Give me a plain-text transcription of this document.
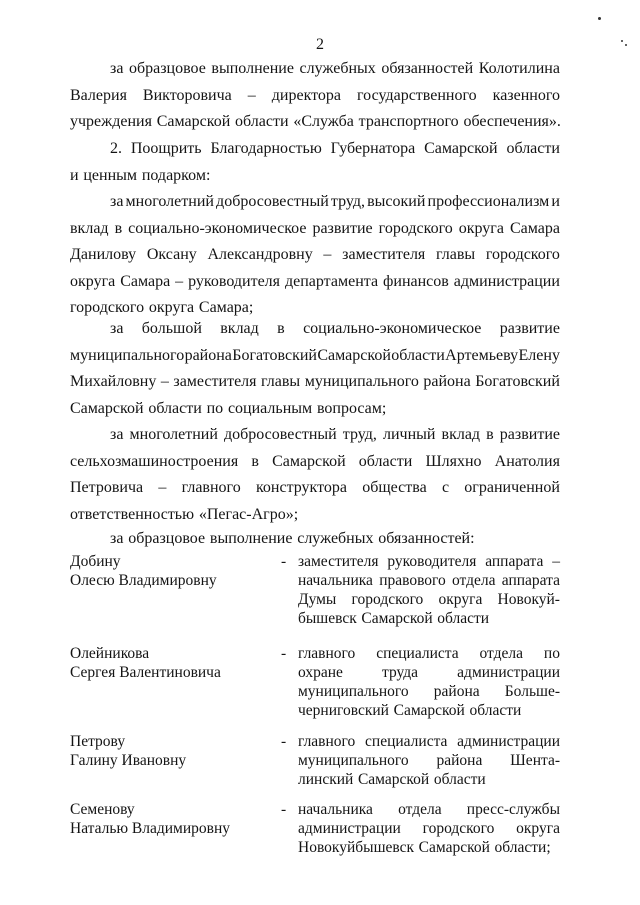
2
за образцовое выполнение служебных обязанностей Колотилина
Валерия Викторовича – директора государственного казенного
учреждения Самарской области «Служба транспортного обеспечения».
2. Поощрить Благодарностью Губернатора Самарской области
и ценным подарком:
за многолетний добросовестный труд, высокий профессионализм и
вклад в социально-экономическое развитие городского округа Самара
Данилову Оксану Александровну – заместителя главы городского
округа Самара – руководителя департамента финансов администрации
городского округа Самара;
за большой вклад в социально-экономическое развитие
муниципального района Богатовский Самарской области Артемьеву Елену
Михайловну – заместителя главы муниципального района Богатовский
Самарской области по социальным вопросам;
за многолетний добросовестный труд, личный вклад в развитие
сельхозмашиностроения в Самарской области Шляхно Анатолия
Петровича – главного конструктора общества с ограниченной
ответственностью «Пегас-Агро»;
за образцовое выполнение служебных обязанностей:
Добину
Олесю Владимировну
- заместителя руководителя аппарата –
начальника правового отдела аппарата
Думы городского округа Новокуй-
бышевск Самарской области
Олейникова
Сергея Валентиновича
- главного специалиста отдела по
охране	труда	администрации
муниципального района Больше-
черниговский Самарской области
Петрову
Галину Ивановну
- главного специалиста администрации
муниципального района Шента-
линский Самарской области
Семенову
Наталью Владимировну
- начальника отдела пресс-службы
администрации городского округа
Новокуйбышевск Самарской области;
